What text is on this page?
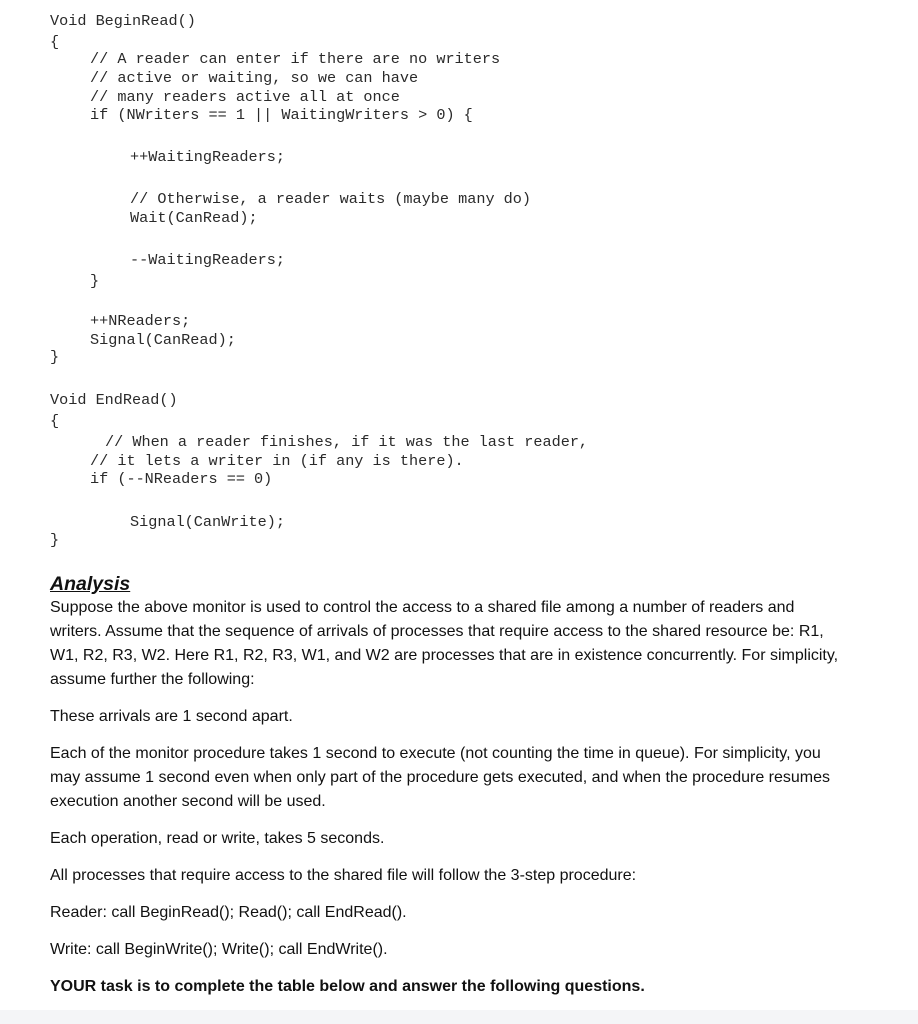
Void BeginRead()
{
// A reader can enter if there are no writers
// active or waiting, so we can have
// many readers active all at once
if (NWriters == 1 || WaitingWriters > 0) {
++WaitingReaders;
// Otherwise, a reader waits (maybe many do)
Wait(CanRead);
--WaitingReaders;
}
++NReaders;
Signal(CanRead);
}
Void EndRead()
{
// When a reader finishes, if it was the last reader,
// it lets a writer in (if any is there).
if (--NReaders == 0)
Signal(CanWrite);
}
Analysis

Suppose the above monitor is used to control the access to a shared file among a number of readers and writers. Assume that the sequence of arrivals of processes that require access to the shared resource be: R1, W1, R2, R3, W2. Here R1, R2, R3, W1, and W2 are processes that are in existence concurrently. For simplicity, assume further the following:

These arrivals are 1 second apart.

Each of the monitor procedure takes 1 second to execute (not counting the time in queue). For simplicity, you may assume 1 second even when only part of the procedure gets executed, and when the procedure resumes execution another second will be used.

Each operation, read or write, takes 5 seconds.

All processes that require access to the shared file will follow the 3-step procedure:

Reader: call BeginRead(); Read(); call EndRead().

Write: call BeginWrite(); Write(); call EndWrite().

YOUR task is to complete the table below and answer the following questions.
